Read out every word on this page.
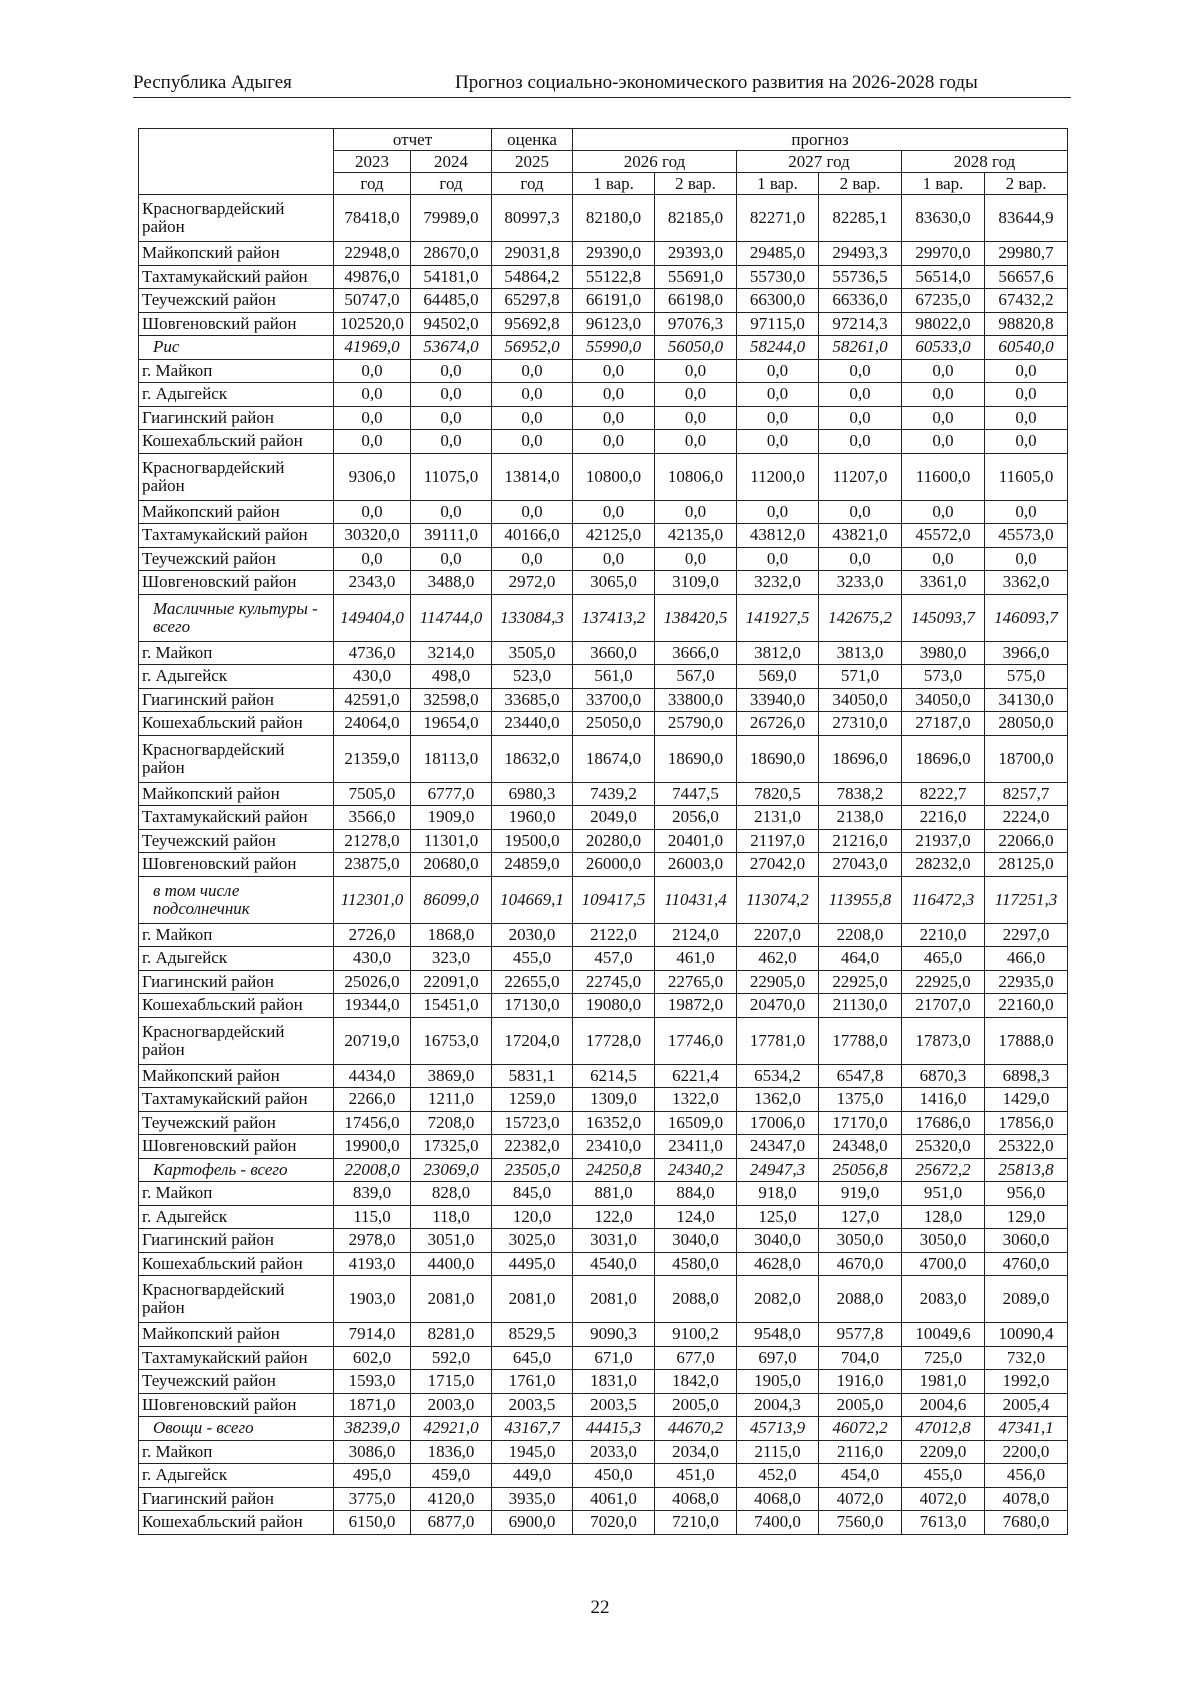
Республика Адыгея	Прогноз социально-экономического развития на 2026-2028 годы
	отчет		оценка	прогноз					
	2023	2024	2025	2026 год		2027 год		2028 год	
	год	год	год	1 вар.	2 вар.	1 вар.	2 вар.	1 вар.	2 вар.
Красногвардейский район	78418,0	79989,0	80997,3	82180,0	82185,0	82271,0	82285,1	83630,0	83644,9
Майкопский район	22948,0	28670,0	29031,8	29390,0	29393,0	29485,0	29493,3	29970,0	29980,7
Тахтамукайский район	49876,0	54181,0	54864,2	55122,8	55691,0	55730,0	55736,5	56514,0	56657,6
Теучежский район	50747,0	64485,0	65297,8	66191,0	66198,0	66300,0	66336,0	67235,0	67432,2
Шовгеновский район	102520,0	94502,0	95692,8	96123,0	97076,3	97115,0	97214,3	98022,0	98820,8
Рис	41969,0	53674,0	56952,0	55990,0	56050,0	58244,0	58261,0	60533,0	60540,0
г. Майкоп	0,0	0,0	0,0	0,0	0,0	0,0	0,0	0,0	0,0
г. Адыгейск	0,0	0,0	0,0	0,0	0,0	0,0	0,0	0,0	0,0
Гиагинский район	0,0	0,0	0,0	0,0	0,0	0,0	0,0	0,0	0,0
Кошехабльский район	0,0	0,0	0,0	0,0	0,0	0,0	0,0	0,0	0,0
Красногвардейский район	9306,0	11075,0	13814,0	10800,0	10806,0	11200,0	11207,0	11600,0	11605,0
Майкопский район	0,0	0,0	0,0	0,0	0,0	0,0	0,0	0,0	0,0
Тахтамукайский район	30320,0	39111,0	40166,0	42125,0	42135,0	43812,0	43821,0	45572,0	45573,0
Теучежский район	0,0	0,0	0,0	0,0	0,0	0,0	0,0	0,0	0,0
Шовгеновский район	2343,0	3488,0	2972,0	3065,0	3109,0	3232,0	3233,0	3361,0	3362,0
Масличные культуры - всего	149404,0	114744,0	133084,3	137413,2	138420,5	141927,5	142675,2	145093,7	146093,7
г. Майкоп	4736,0	3214,0	3505,0	3660,0	3666,0	3812,0	3813,0	3980,0	3966,0
г. Адыгейск	430,0	498,0	523,0	561,0	567,0	569,0	571,0	573,0	575,0
Гиагинский район	42591,0	32598,0	33685,0	33700,0	33800,0	33940,0	34050,0	34050,0	34130,0
Кошехабльский район	24064,0	19654,0	23440,0	25050,0	25790,0	26726,0	27310,0	27187,0	28050,0
Красногвардейский район	21359,0	18113,0	18632,0	18674,0	18690,0	18690,0	18696,0	18696,0	18700,0
Майкопский район	7505,0	6777,0	6980,3	7439,2	7447,5	7820,5	7838,2	8222,7	8257,7
Тахтамукайский район	3566,0	1909,0	1960,0	2049,0	2056,0	2131,0	2138,0	2216,0	2224,0
Теучежский район	21278,0	11301,0	19500,0	20280,0	20401,0	21197,0	21216,0	21937,0	22066,0
Шовгеновский район	23875,0	20680,0	24859,0	26000,0	26003,0	27042,0	27043,0	28232,0	28125,0
в том числе подсолнечник	112301,0	86099,0	104669,1	109417,5	110431,4	113074,2	113955,8	116472,3	117251,3
г. Майкоп	2726,0	1868,0	2030,0	2122,0	2124,0	2207,0	2208,0	2210,0	2297,0
г. Адыгейск	430,0	323,0	455,0	457,0	461,0	462,0	464,0	465,0	466,0
Гиагинский район	25026,0	22091,0	22655,0	22745,0	22765,0	22905,0	22925,0	22925,0	22935,0
Кошехабльский район	19344,0	15451,0	17130,0	19080,0	19872,0	20470,0	21130,0	21707,0	22160,0
Красногвардейский район	20719,0	16753,0	17204,0	17728,0	17746,0	17781,0	17788,0	17873,0	17888,0
Майкопский район	4434,0	3869,0	5831,1	6214,5	6221,4	6534,2	6547,8	6870,3	6898,3
Тахтамукайский район	2266,0	1211,0	1259,0	1309,0	1322,0	1362,0	1375,0	1416,0	1429,0
Теучежский район	17456,0	7208,0	15723,0	16352,0	16509,0	17006,0	17170,0	17686,0	17856,0
Шовгеновский район	19900,0	17325,0	22382,0	23410,0	23411,0	24347,0	24348,0	25320,0	25322,0
Картофель - всего	22008,0	23069,0	23505,0	24250,8	24340,2	24947,3	25056,8	25672,2	25813,8
г. Майкоп	839,0	828,0	845,0	881,0	884,0	918,0	919,0	951,0	956,0
г. Адыгейск	115,0	118,0	120,0	122,0	124,0	125,0	127,0	128,0	129,0
Гиагинский район	2978,0	3051,0	3025,0	3031,0	3040,0	3040,0	3050,0	3050,0	3060,0
Кошехабльский район	4193,0	4400,0	4495,0	4540,0	4580,0	4628,0	4670,0	4700,0	4760,0
Красногвардейский район	1903,0	2081,0	2081,0	2081,0	2088,0	2082,0	2088,0	2083,0	2089,0
Майкопский район	7914,0	8281,0	8529,5	9090,3	9100,2	9548,0	9577,8	10049,6	10090,4
Тахтамукайский район	602,0	592,0	645,0	671,0	677,0	697,0	704,0	725,0	732,0
Теучежский район	1593,0	1715,0	1761,0	1831,0	1842,0	1905,0	1916,0	1981,0	1992,0
Шовгеновский район	1871,0	2003,0	2003,5	2003,5	2005,0	2004,3	2005,0	2004,6	2005,4
Овощи - всего	38239,0	42921,0	43167,7	44415,3	44670,2	45713,9	46072,2	47012,8	47341,1
г. Майкоп	3086,0	1836,0	1945,0	2033,0	2034,0	2115,0	2116,0	2209,0	2200,0
г. Адыгейск	495,0	459,0	449,0	450,0	451,0	452,0	454,0	455,0	456,0
Гиагинский район	3775,0	4120,0	3935,0	4061,0	4068,0	4068,0	4072,0	4072,0	4078,0
Кошехабльский район	6150,0	6877,0	6900,0	7020,0	7210,0	7400,0	7560,0	7613,0	7680,0
22
